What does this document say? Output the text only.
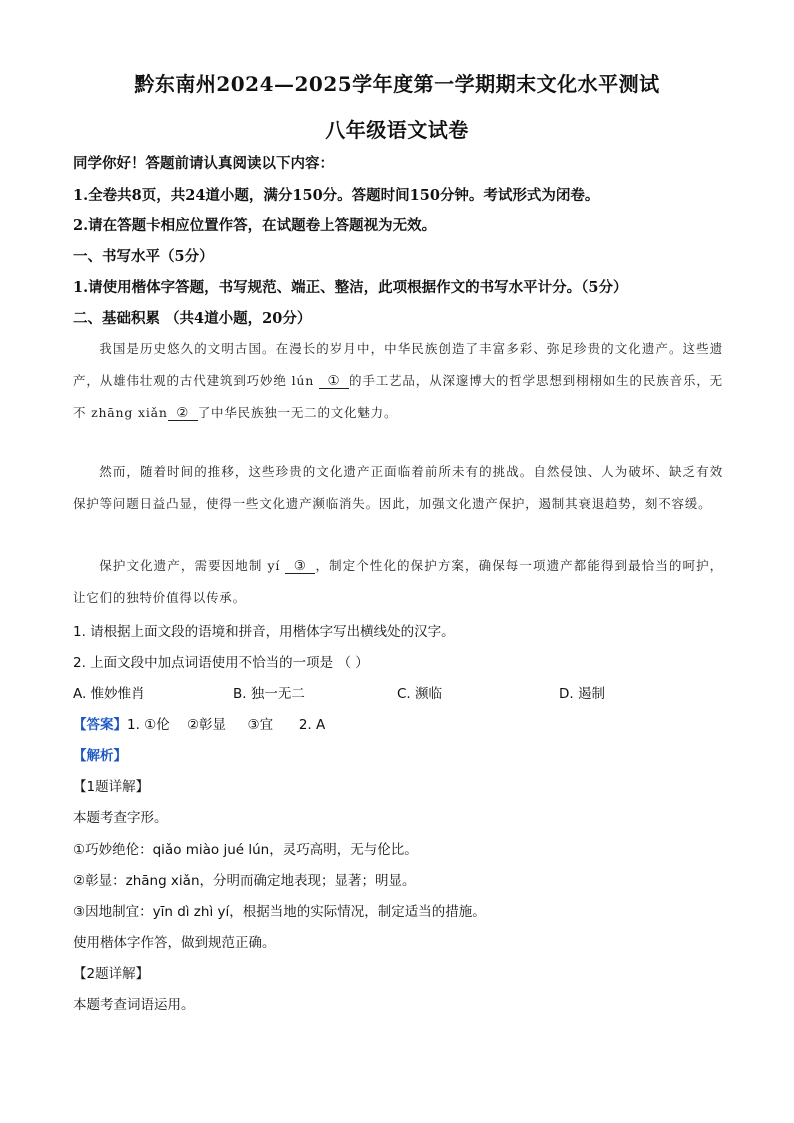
黔东南州2024—2025学年度第一学期期末文化水平测试
八年级语文试卷
同学你好！答题前请认真阅读以下内容：
1.全卷共8页，共24道小题，满分150分。答题时间150分钟。考试形式为闭卷。
2.请在答题卡相应位置作答，在试题卷上答题视为无效。
一、书写水平（5分）
1.请使用楷体字答题，书写规范、端正、整洁，此项根据作文的书写水平计分。（5分）
二、基础积累 （共4道小题，20分）
我国是历史悠久的文明古国。在漫长的岁月中，中华民族创造了丰富多彩、弥足珍贵的文化遗产。这些遗产，从雄伟壮观的古代建筑到巧妙绝 lún ① 的手工艺品，从深邃博大的哲学思想到栩栩如生的民族音乐，无不 zhāng xiǎn ② 了中华民族独一无二的文化魅力。
然而，随着时间的推移，这些珍贵的文化遗产正面临着前所未有的挑战。自然侵蚀、人为破坏、缺乏有效保护等问题日益凸显，使得一些文化遗产濒临消失。因此，加强文化遗产保护，遏制其衰退趋势，刻不容缓。
保护文化遗产，需要因地制 yí ③ ，制定个性化的保护方案，确保每一项遗产都能得到最恰当的呵护，让它们的独特价值得以传承。
1. 请根据上面文段的语境和拼音，用楷体字写出横线处的汉字。
2. 上面文段中加点词语使用不恰当的一项是 （ ）
A. 惟妙惟肖	B. 独一无二	C. 濒临	D. 遏制
【答案】1. ①伦    ②彰显     ③宜      2. A
【解析】
【1题详解】
本题考查字形。
①巧妙绝伦：qiǎo miào jué lún，灵巧高明，无与伦比。
②彰显：zhāng xiǎn，分明而确定地表现；显著；明显。
③因地制宜：yīn dì zhì yí，根据当地的实际情况，制定适当的措施。
使用楷体字作答，做到规范正确。
【2题详解】
本题考查词语运用。
